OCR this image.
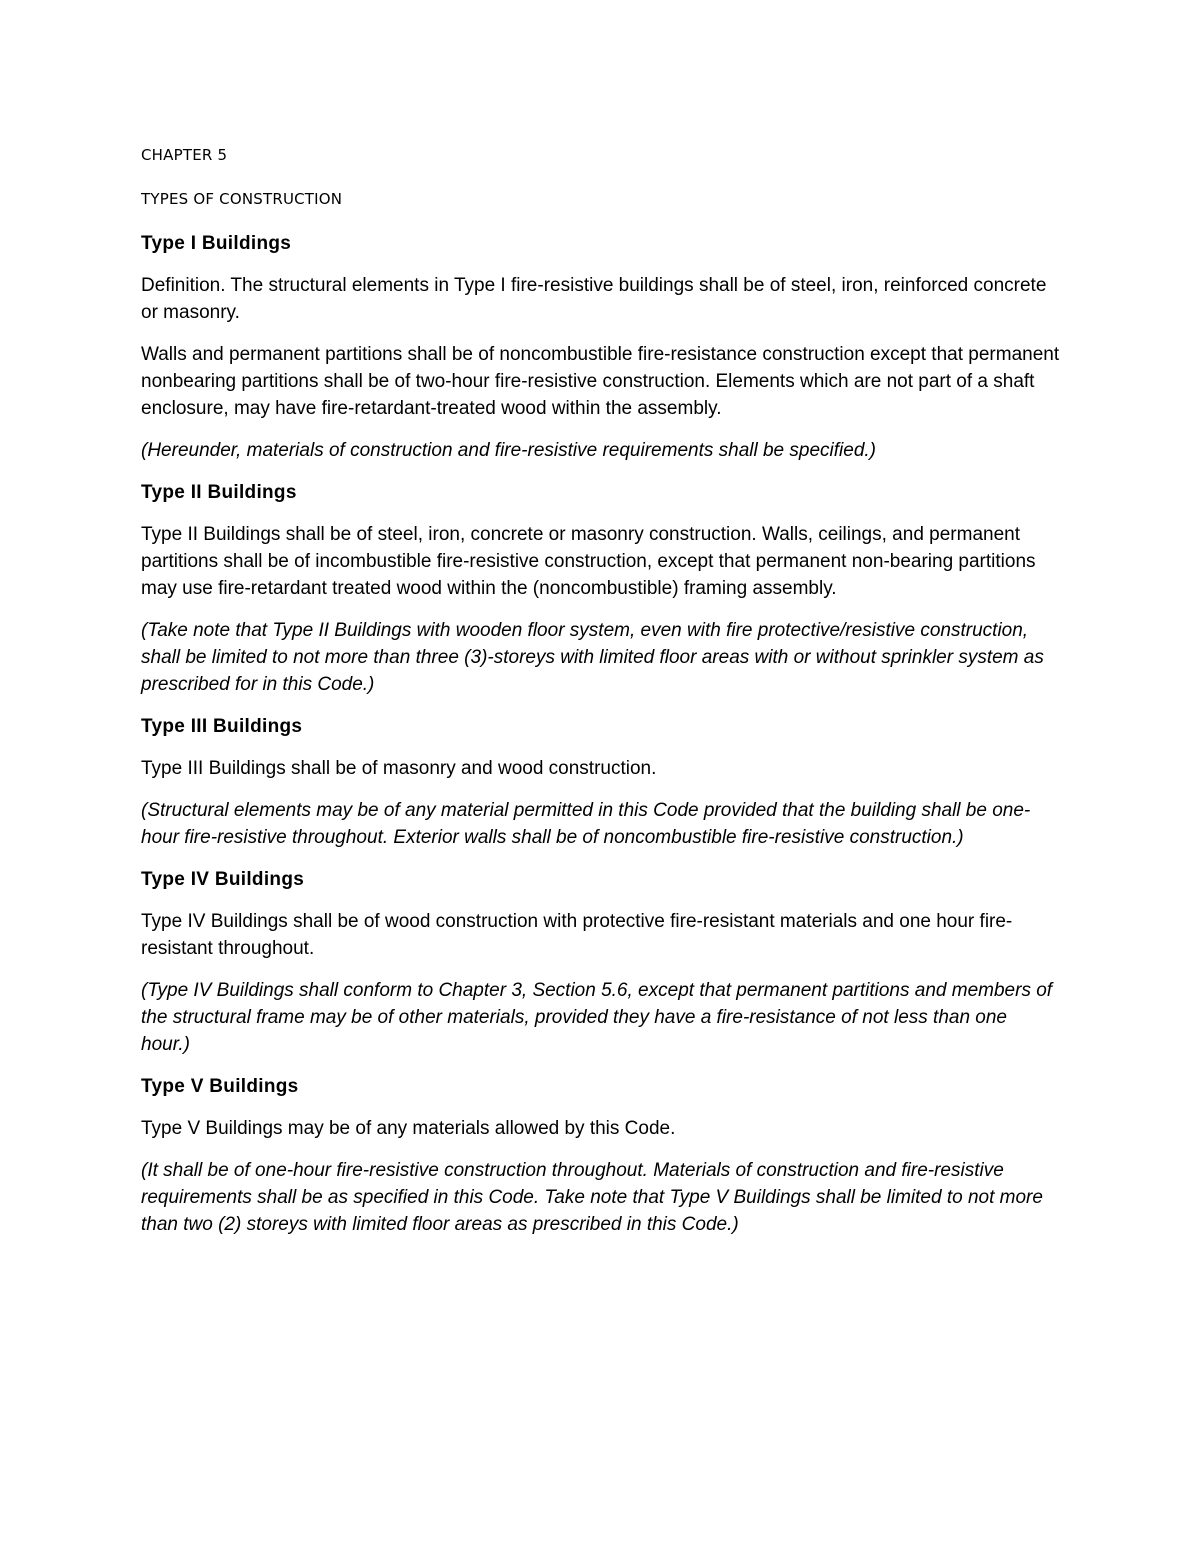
CHAPTER 5
TYPES OF CONSTRUCTION
Type I Buildings

Definition. The structural elements in Type I fire-resistive buildings shall be of steel, iron, reinforced concrete or masonry.

Walls and permanent partitions shall be of noncombustible fire-resistance construction except that permanent nonbearing partitions shall be of two-hour fire-resistive construction. Elements which are not part of a shaft enclosure, may have fire-retardant-treated wood within the assembly.

(Hereunder, materials of construction and fire-resistive requirements shall be specified.)

Type II Buildings

Type II Buildings shall be of steel, iron, concrete or masonry construction. Walls, ceilings, and permanent partitions shall be of incombustible fire-resistive construction, except that permanent non-bearing partitions may use fire-retardant treated wood within the (noncombustible) framing assembly.

(Take note that Type II Buildings with wooden floor system, even with fire protective/resistive construction, shall be limited to not more than three (3)-storeys with limited floor areas with or without sprinkler system as prescribed for in this Code.)

Type III Buildings

Type III Buildings shall be of masonry and wood construction.

(Structural elements may be of any material permitted in this Code provided that the building shall be one-hour fire-resistive throughout. Exterior walls shall be of noncombustible fire-resistive construction.)

Type IV Buildings

Type IV Buildings shall be of wood construction with protective fire-resistant materials and one hour fire-resistant throughout.

(Type IV Buildings shall conform to Chapter 3, Section 5.6, except that permanent partitions and members of the structural frame may be of other materials, provided they have a fire-resistance of not less than one hour.)

Type V Buildings

Type V Buildings may be of any materials allowed by this Code.

(It shall be of one-hour fire-resistive construction throughout. Materials of construction and fire-resistive requirements shall be as specified in this Code. Take note that Type V Buildings shall be limited to not more than two (2) storeys with limited floor areas as prescribed in this Code.)
